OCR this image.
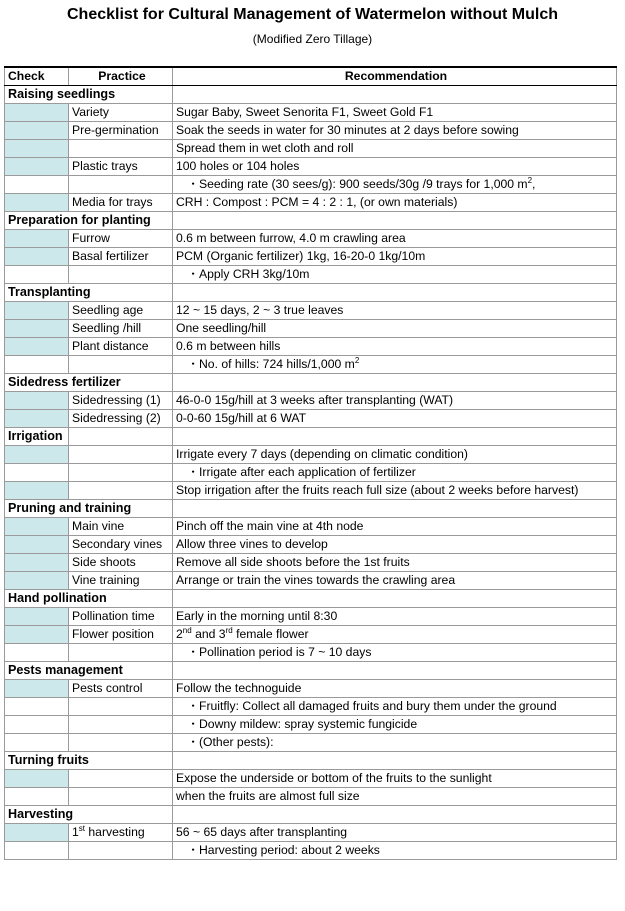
Checklist for Cultural Management of Watermelon without Mulch
(Modified Zero Tillage)
Check	Practice	Recommendation
Raising seedlings		
	Variety	Sugar Baby, Sweet Senorita F1, Sweet Gold F1
	Pre-germination	Soak the seeds in water for 30 minutes at 2 days before sowing
		Spread them in wet cloth and roll
	Plastic trays	100 holes or 104 holes
		・Seeding rate (30 sees/g): 900 seeds/30g /9 trays for 1,000 $m^2$,
	Media for trays	CRH : Compost : PCM = 4 : 2 : 1, (or own materials)
Preparation for planting		
	Furrow	0.6 m between furrow, 4.0 m crawling area
	Basal fertilizer	PCM (Organic fertilizer) 1kg, 16-20-0 1kg/10m
		・Apply CRH 3kg/10m
Transplanting		
	Seedling age	12 ~ 15 days, 2 ~ 3 true leaves
	Seedling /hill	One seedling/hill
	Plant distance	0.6 m between hills
		・No. of hills: 724 hills/1,000 $m^2$
Sidedress fertilizer		
	Sidedressing (1)	46-0-0 15g/hill at 3 weeks after transplanting (WAT)
	Sidedressing (2)	0-0-60 15g/hill at 6 WAT
Irrigation		
		Irrigate every 7 days (depending on climatic condition)
		・Irrigate after each application of fertilizer
		Stop irrigation after the fruits reach full size (about 2 weeks before harvest)
Pruning and training		
	Main vine	Pinch off the main vine at 4th node
	Secondary vines	Allow three vines to develop
	Side shoots	Remove all side shoots before the 1st fruits
	Vine training	Arrange or train the vines towards the crawling area
Hand pollination		
	Pollination time	Early in the morning until 8:30
	Flower position	2nd and 3rd female flower
		・Pollination period is 7 ~ 10 days
Pests management		
	Pests control	Follow the technoguide
		・Fruitfly: Collect all damaged fruits and bury them under the ground
		・Downy mildew: spray systemic fungicide
		・(Other pests):
Turning fruits		
		Expose the underside or bottom of the fruits to the sunlight
		when the fruits are almost full size
Harvesting		
	1st harvesting	56 ~ 65 days after transplanting
		・Harvesting period: about 2 weeks
